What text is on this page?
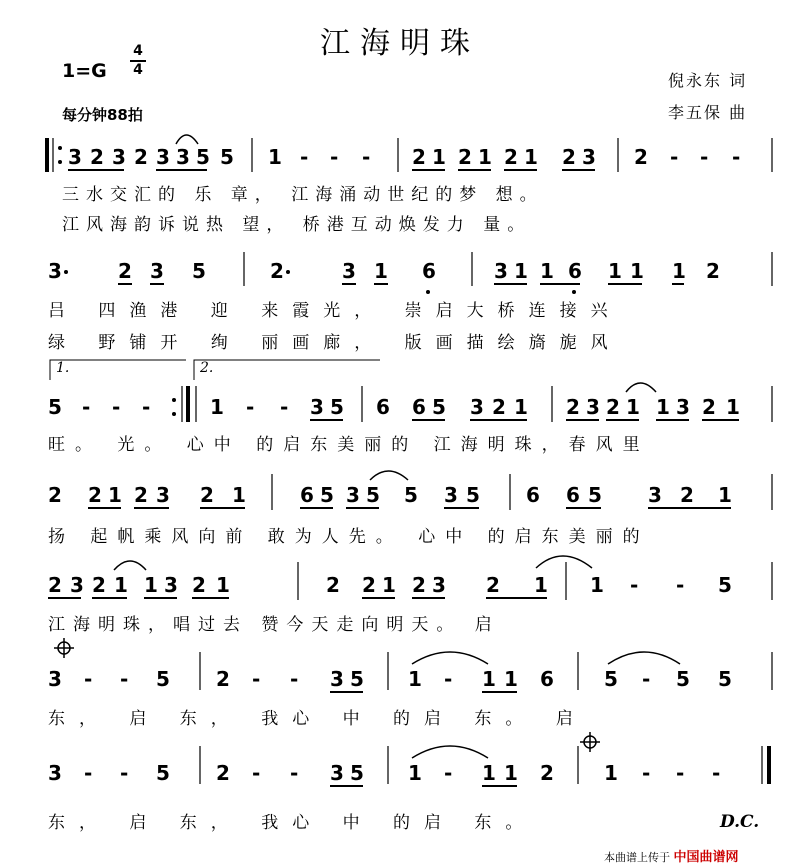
江海明珠
1=G
4
4
每分钟88拍
倪永东 词
李五保 曲
3 2 3 2 3 3 5 5 1 - - - 2 1 2 1 2 1 2 3 2 - - -
3	2 3 5	2	3 1 6	3 1 1 6 1 1 1 2
5 - - -	1 - - 3 5 6 6 5 3 2 1 2 3 2 1 1 3 2 1
2 2 1 2 3 2 1	6 5 3 5 5 3 5 6 6 5 3 2 1
2 3 2 1 1 3 2 1	2 2 1 2 3 2 1 1 - - 5
3 - - 5 2 - - 3 5 1 - 1 1 6	5 - 5 5
3 - - 5 2 - - 3 5 1 - 1 1 2	1 - - -
1.	2.
三水交汇的 乐 章， 江海涌动世纪的梦 想。
江风海韵诉说热 望， 桥港互动焕发力 量。
吕 四渔港 迎 来霞光， 崇启大桥连接兴
绿 野铺开 绚 丽画廊， 版画描绘旖旎风
旺。 光。 心中 的启东美丽的 江海明珠，春风里
扬 起帆乘风向前 敢为人先。 心中 的启东美丽的
江海明珠，唱过去 赞今天走向明天。 启
东， 启 东， 我心 中 的启 东。 启
东， 启 东， 我心 中 的启 东。	D.C.
本曲谱上传于 中国曲谱网
